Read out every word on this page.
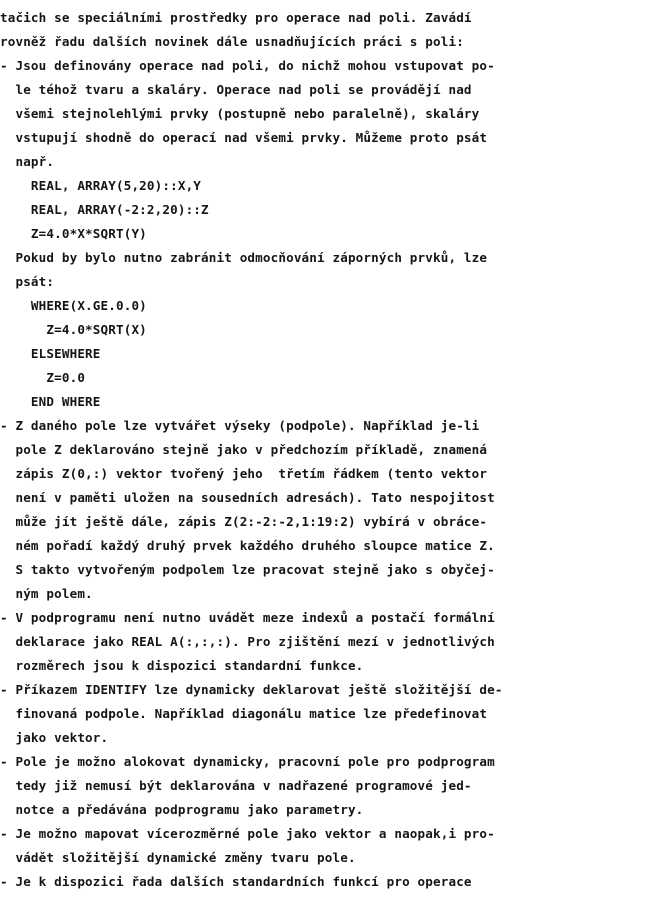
tačich se speciálními prostředky pro operace nad poli. Zavádí
rovněž řadu dalších novinek dále usnadňujících práci s poli:
- Jsou definovány operace nad poli, do nichž mohou vstupovat po-
le téhož tvaru a skaláry. Operace nad poli se provádějí nad
všemi stejnolehlými prvky (postupně nebo paralelně), skaláry
vstupují shodně do operací nad všemi prvky. Můžeme proto psát
např.
REAL, ARRAY(5,20)::X,Y
REAL, ARRAY(-2:2,20)::Z
Z=4.0*X*SQRT(Y)
Pokud by bylo nutno zabránit odmocňování záporných prvků, lze
psát:
WHERE(X.GE.0.0)
Z=4.0*SQRT(X)
ELSEWHERE
Z=0.0
END WHERE
- Z daného pole lze vytvářet výseky (podpole). Například je-li
pole Z deklarováno stejně jako v předchozím příkladě, znamená
zápis Z(0,:) vektor tvořený jeho  třetím řádkem (tento vektor
není v paměti uložen na sousedních adresách). Tato nespojitost
může jít ještě dále, zápis Z(2:-2:-2,1:19:2) vybírá v obráce-
ném pořadí každý druhý prvek každého druhého sloupce matice Z.
S takto vytvořeným podpolem lze pracovat stejně jako s obyčej-
ným polem.
- V podprogramu není nutno uvádět meze indexů a postačí formální
deklarace jako REAL A(:,:,:). Pro zjištění mezí v jednotlivých
rozměrech jsou k dispozici standardní funkce.
- Příkazem IDENTIFY lze dynamicky deklarovat ještě složitější de-
finovaná podpole. Například diagonálu matice lze předefinovat
jako vektor.
- Pole je možno alokovat dynamicky, pracovní pole pro podprogram
tedy již nemusí být deklarována v nadřazené programové jed-
notce a předávána podprogramu jako parametry.
- Je možno mapovat vícerozměrné pole jako vektor a naopak,i pro-
vádět složitější dynamické změny tvaru pole.
- Je k dispozici řada dalších standardních funkcí pro operace
